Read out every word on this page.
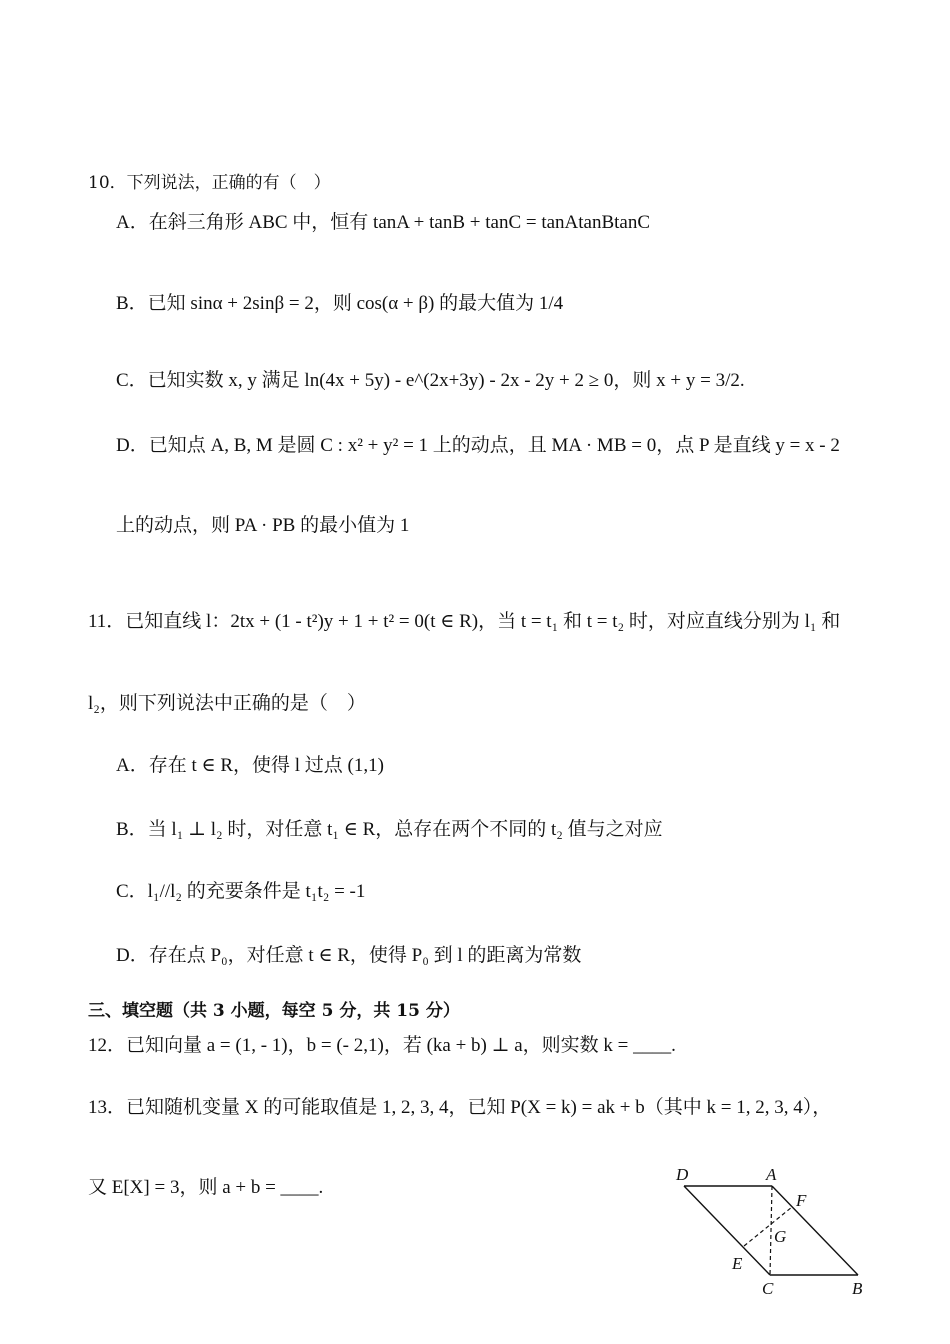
10．下列说法，正确的有（　）
A．在斜三角形 ABC 中，恒有 tanA + tanB + tanC = tanAtanBtanC
B．已知 sinα + 2sinβ = 2，则 cos(α + β) 的最大值为 1/4
C．已知实数 x, y 满足 ln(4x + 5y) - e^(2x+3y) - 2x - 2y + 2 ≥ 0，则 x + y = 3/2.
D．已知点 A, B, M 是圆 C : x² + y² = 1 上的动点，且 MA · MB = 0，点 P 是直线 y = x - 2
上的动点，则 PA · PB 的最小值为 1
11．已知直线 l：2tx + (1 - t²)y + 1 + t² = 0(t ∈ R)，当 t = t₁ 和 t = t₂ 时，对应直线分别为 l₁ 和
l₂，则下列说法中正确的是（　）
A．存在 t ∈ R，使得 l 过点 (1,1)
B．当 l₁ ⊥ l₂ 时，对任意 t₁ ∈ R，总存在两个不同的 t₂ 值与之对应
C．l₁//l₂ 的充要条件是 t₁t₂ = -1
D．存在点 P₀，对任意 t ∈ R，使得 P₀ 到 l 的距离为常数
三、填空题（共 3 小题，每空 5 分，共 15 分）
12．已知向量 a = (1, - 1)，b = (- 2,1)，若 (ka + b) ⊥ a，则实数 k = ____.
13．已知随机变量 X 的可能取值是 1, 2, 3, 4，已知 P(X = k) = ak + b（其中 k = 1, 2, 3, 4），
又 E[X] = 3，则 a + b = ____.
D	A
F
G
E
C	B
